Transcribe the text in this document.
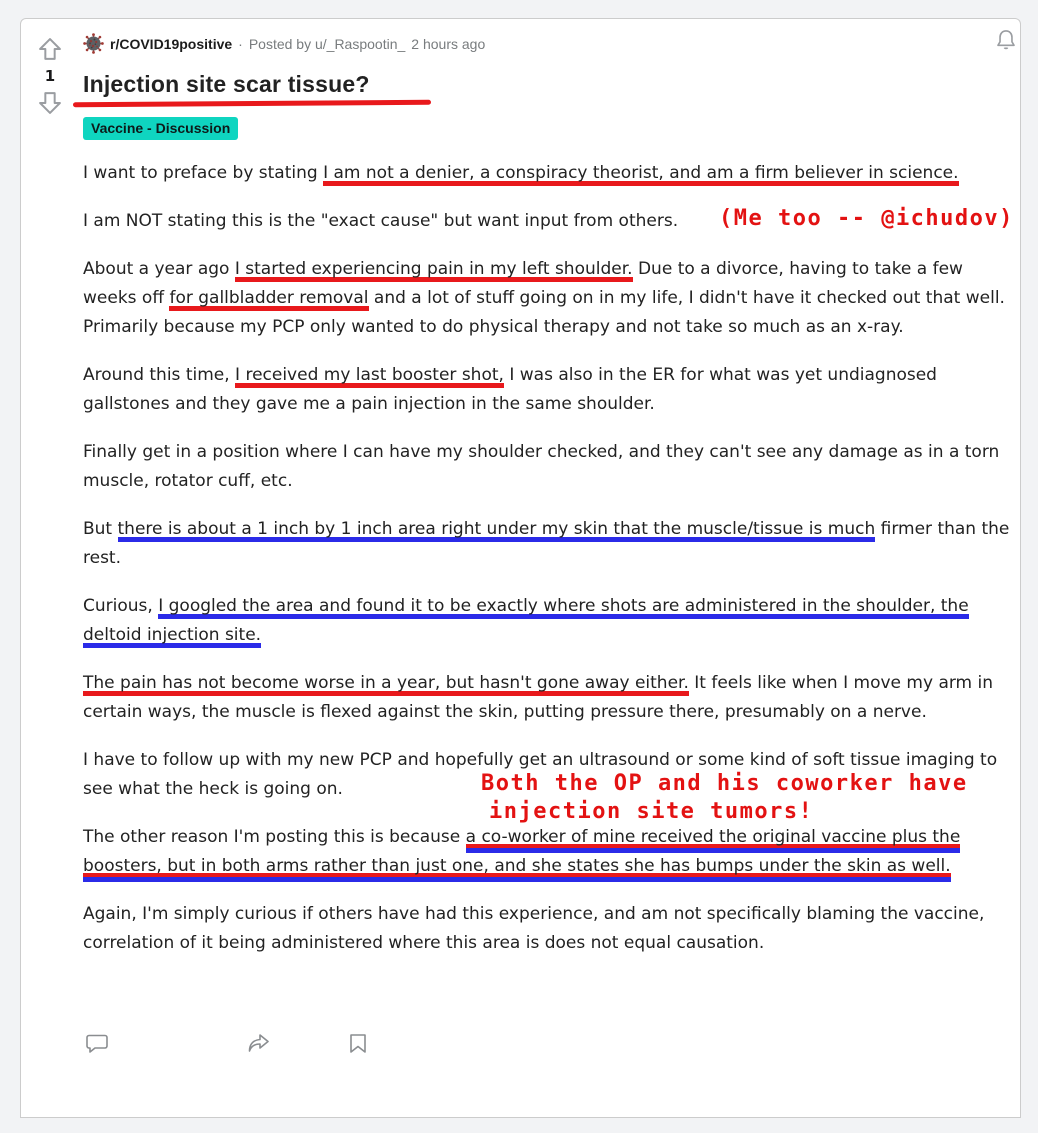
1
r/COVID19positive · Posted by u/_Raspootin_ 2 hours ago
Injection site scar tissue?
Vaccine - Discussion

I want to preface by stating I am not a denier, a conspiracy theorist, and am a firm believer in science.

I am NOT stating this is the "exact cause" but want input from others. (Me too -- @ichudov)

About a year ago I started experiencing pain in my left shoulder. Due to a divorce, having to take a few weeks off for gallbladder removal and a lot of stuff going on in my life, I didn't have it checked out that well. Primarily because my PCP only wanted to do physical therapy and not take so much as an x-ray.

Around this time, I received my last booster shot, I was also in the ER for what was yet undiagnosed gallstones and they gave me a pain injection in the same shoulder.

Finally get in a position where I can have my shoulder checked, and they can't see any damage as in a torn muscle, rotator cuff, etc.

But there is about a 1 inch by 1 inch area right under my skin that the muscle/tissue is much firmer than the rest.

Curious, I googled the area and found it to be exactly where shots are administered in the shoulder, the deltoid injection site.

The pain has not become worse in a year, but hasn't gone away either. It feels like when I move my arm in certain ways, the muscle is flexed against the skin, putting pressure there, presumably on a nerve.

I have to follow up with my new PCP and hopefully get an ultrasound or some kind of soft tissue imaging to see what the heck is going on.	Both the OP and his coworker have
injection site tumors!

The other reason I'm posting this is because a co-worker of mine received the original vaccine plus the boosters, but in both arms rather than just one, and she states she has bumps under the skin as well.

Again, I'm simply curious if others have had this experience, and am not specifically blaming the vaccine, correlation of it being administered where this area is does not equal causation.
